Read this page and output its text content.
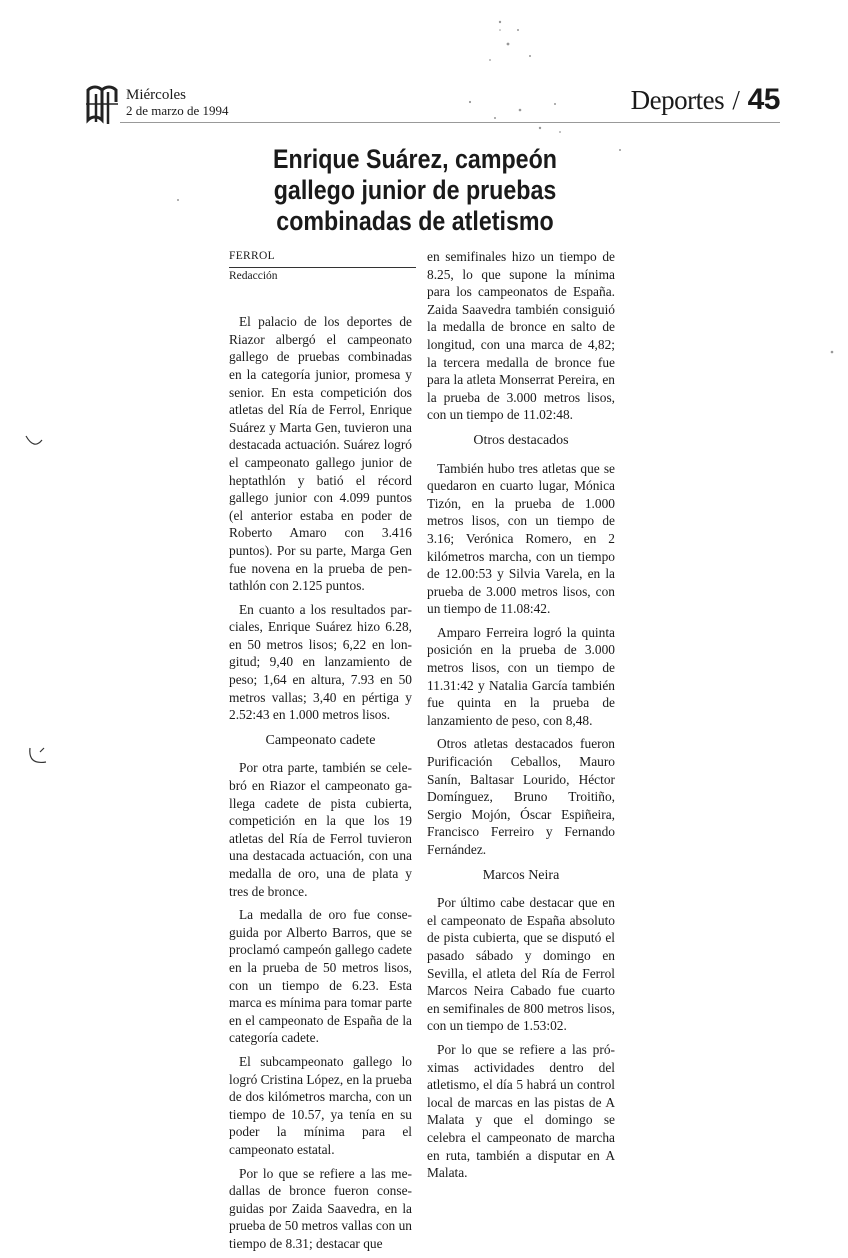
Miércoles
2 de marzo de 1994	Deportes / 45
Enrique Suárez, campeón
gallego junior de pruebas
combinadas de atletismo
FERROL
Redacción

El palacio de los deportes de Riazor albergó el campeonato gallego de pruebas combinadas en la categoría junior, promesa y senior. En esta competición dos atletas del Ría de Ferrol, Enrique Suárez y Marta Gen, tuvieron una destacada actuación. Suárez logró el campeonato gallego junior de heptathlón y batió el récord gallego junior con 4.099 puntos (el anterior estaba en poder de Roberto Amaro con 3.416 puntos). Por su parte, Marga Gen fue novena en la prueba de pentathlón con 2.125 puntos.

En cuanto a los resultados parciales, Enrique Suárez hizo 6.28, en 50 metros lisos; 6,22 en longitud; 9,40 en lanzamiento de peso; 1,64 en altura, 7.93 en 50 metros vallas; 3,40 en pértiga y 2.52:43 en 1.000 metros lisos.

Campeonato cadete

Por otra parte, también se celebró en Riazor el campeonato gallega cadete de pista cubierta, competición en la que los 19 atletas del Ría de Ferrol tuvieron una destacada actuación, con una medalla de oro, una de plata y tres de bronce.

La medalla de oro fue conseguida por Alberto Barros, que se proclamó campeón gallego cadete en la prueba de 50 metros lisos, con un tiempo de 6.23. Esta marca es mínima para tomar parte en el campeonato de España de la categoría cadete.

El subcampeonato gallego lo logró Cristina López, en la prueba de dos kilómetros marcha, con un tiempo de 10.57, ya tenía en su poder la mínima para el campeonato estatal.

Por lo que se refiere a las medallas de bronce fueron conseguidas por Zaida Saavedra, en la prueba de 50 metros vallas con un tiempo de 8.31; destacar que

en semifinales hizo un tiempo de 8.25, lo que supone la mínima para los campeonatos de España. Zaida Saavedra también consiguió la medalla de bronce en salto de longitud, con una marca de 4,82; la tercera medalla de bronce fue para la atleta Monserrat Pereira, en la prueba de 3.000 metros lisos, con un tiempo de 11.02:48.

Otros destacados

También hubo tres atletas que se quedaron en cuarto lugar, Mónica Tizón, en la prueba de 1.000 metros lisos, con un tiempo de 3.16; Verónica Romero, en 2 kilómetros marcha, con un tiempo de 12.00:53 y Silvia Varela, en la prueba de 3.000 metros lisos, con un tiempo de 11.08:42.

Amparo Ferreira logró la quinta posición en la prueba de 3.000 metros lisos, con un tiempo de 11.31:42 y Natalia García también fue quinta en la prueba de lanzamiento de peso, con 8,48.

Otros atletas destacados fueron Purificación Ceballos, Mauro Sanín, Baltasar Lourido, Héctor Domínguez, Bruno Troitiño, Sergio Mojón, Óscar Espiñeira, Francisco Ferreiro y Fernando Fernández.

Marcos Neira

Por último cabe destacar que en el campeonato de España absoluto de pista cubierta, que se disputó el pasado sábado y domingo en Sevilla, el atleta del Ría de Ferrol Marcos Neira Cabado fue cuarto en semifinales de 800 metros lisos, con un tiempo de 1.53:02.

Por lo que se refiere a las próximas actividades dentro del atletismo, el día 5 habrá un control local de marcas en las pistas de A Malata y que el domingo se celebra el campeonato de marcha en ruta, también a disputar en A Malata.
